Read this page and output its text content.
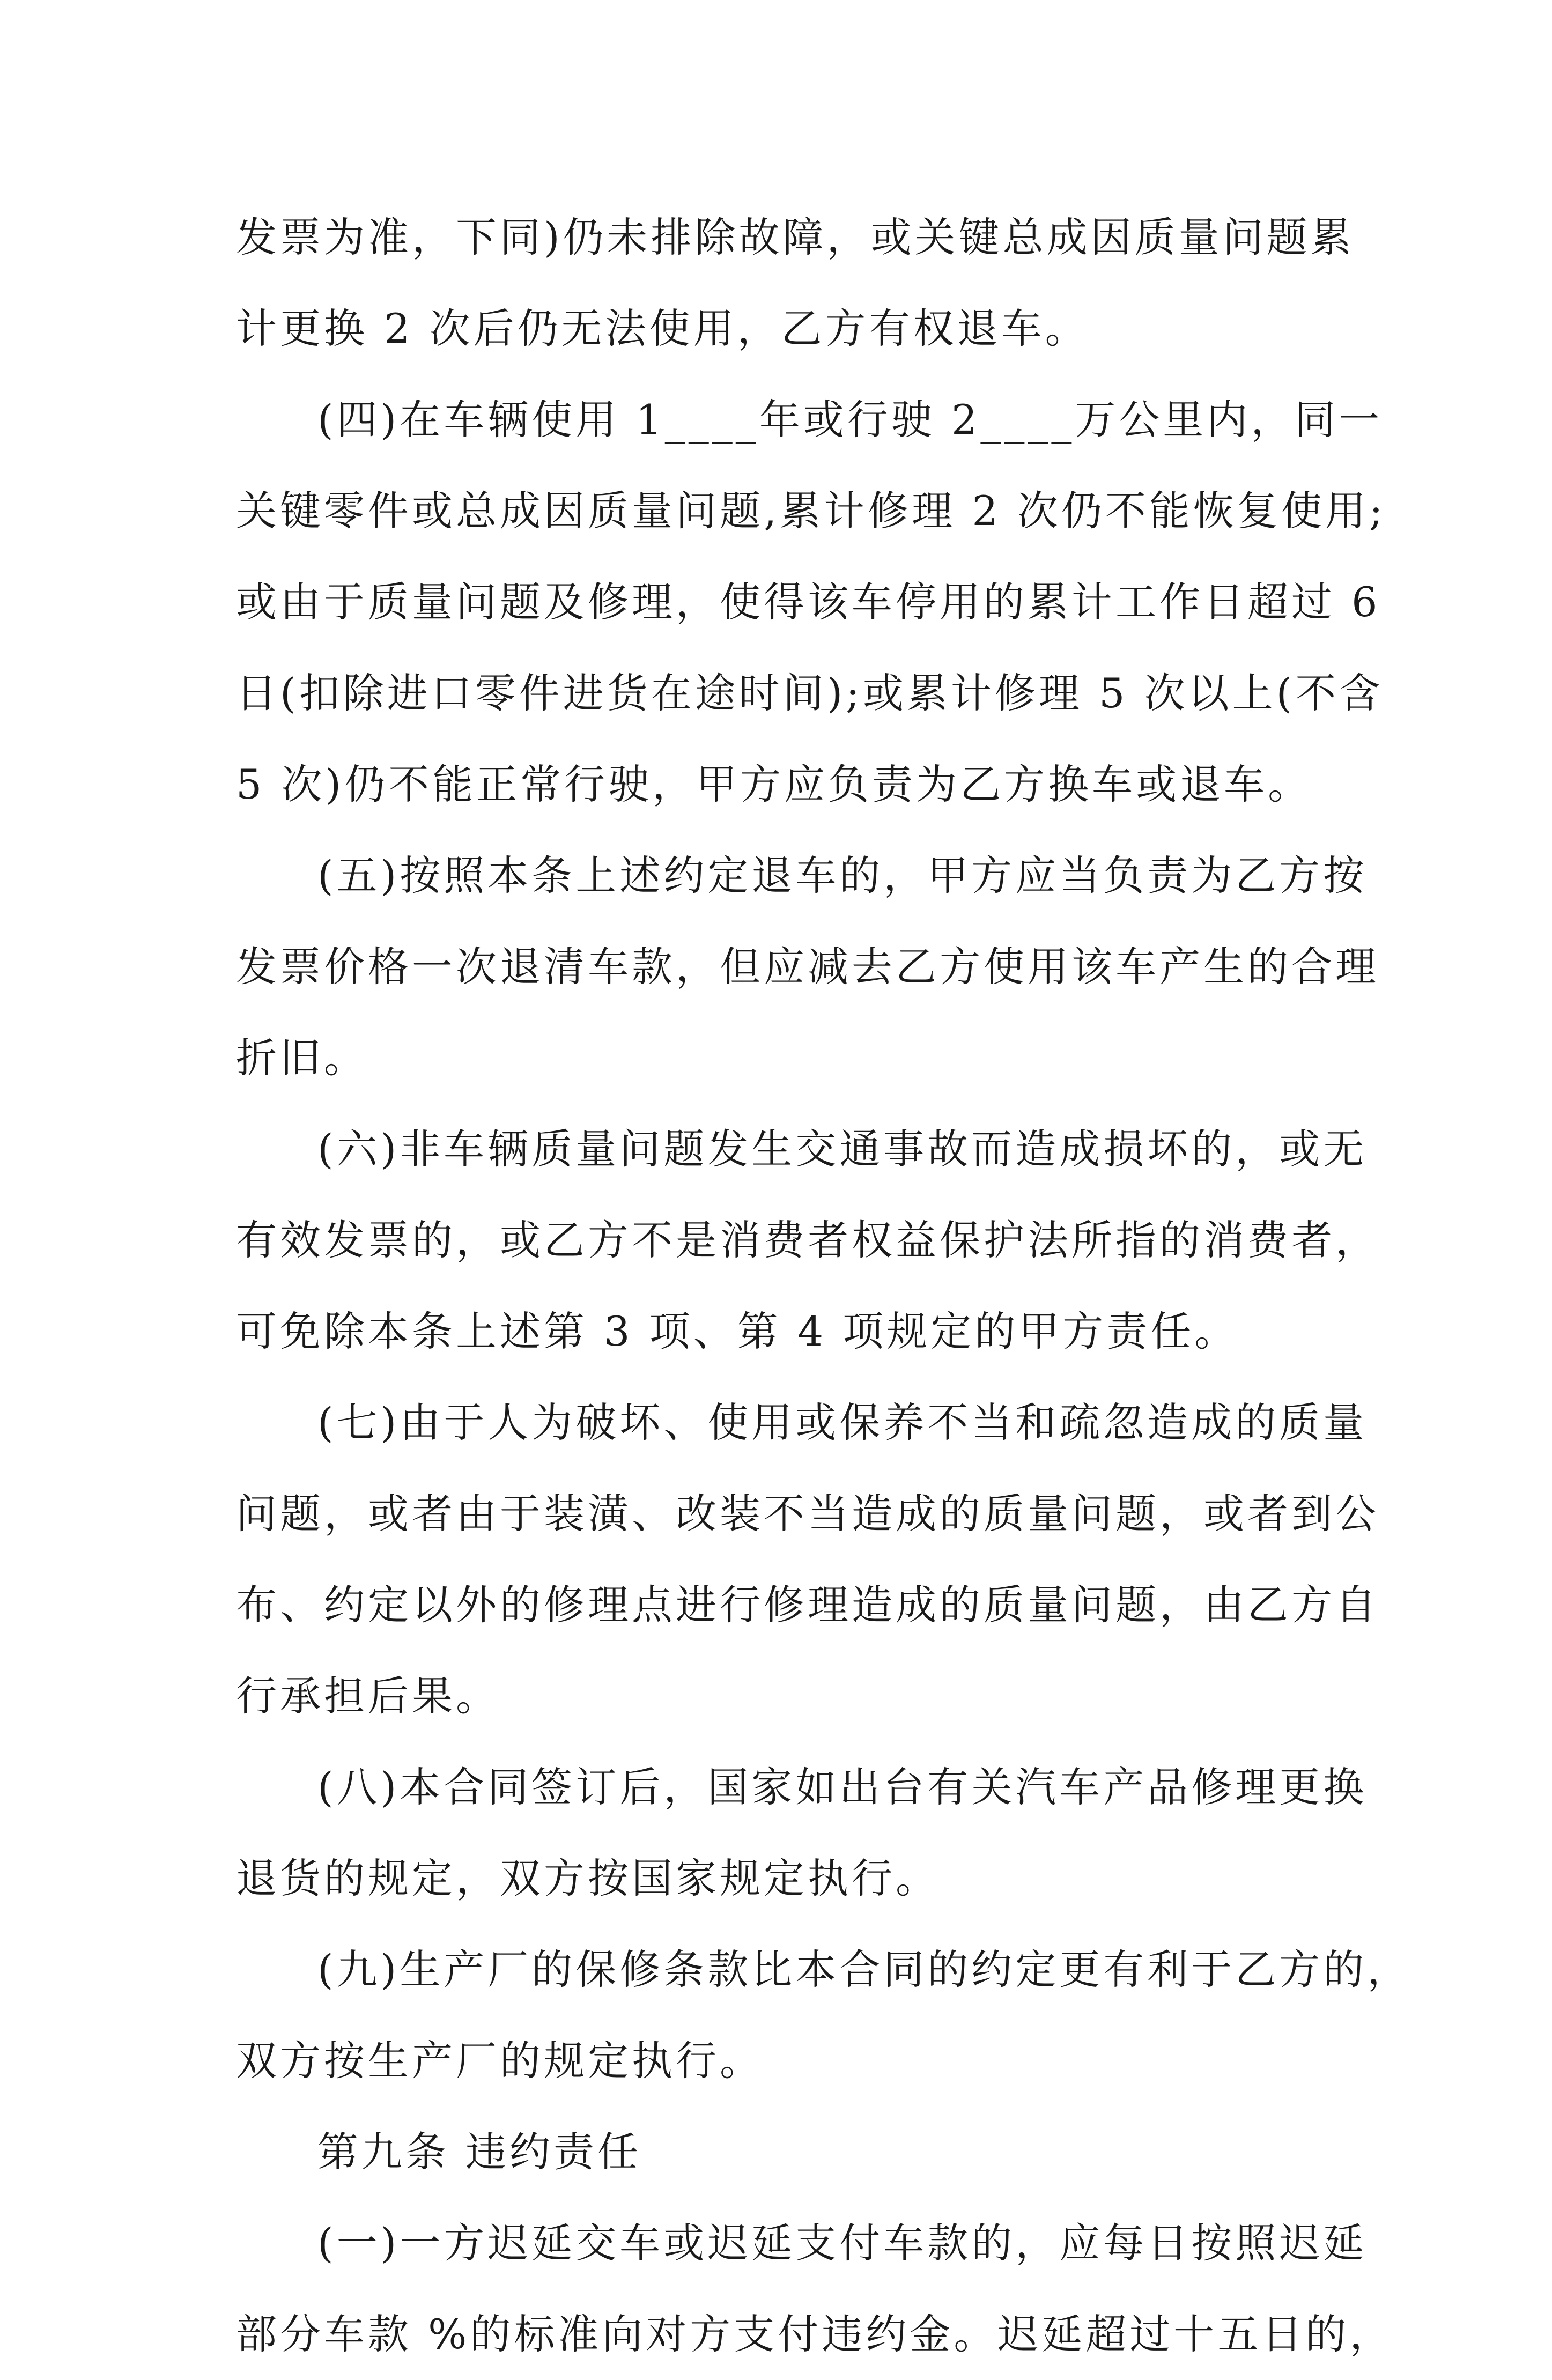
发票为准，下同)仍未排除故障，或关键总成因质量问题累
计更换 2 次后仍无法使用，乙方有权退车。
(四)在车辆使用 1____年或行驶 2____万公里内，同一
关键零件或总成因质量问题,累计修理 2 次仍不能恢复使用;
或由于质量问题及修理，使得该车停用的累计工作日超过 6
日(扣除进口零件进货在途时间);或累计修理 5 次以上(不含
5 次)仍不能正常行驶，甲方应负责为乙方换车或退车。
(五)按照本条上述约定退车的，甲方应当负责为乙方按
发票价格一次退清车款，但应减去乙方使用该车产生的合理
折旧。
(六)非车辆质量问题发生交通事故而造成损坏的，或无
有效发票的，或乙方不是消费者权益保护法所指的消费者，
可免除本条上述第 3 项、第 4 项规定的甲方责任。
(七)由于人为破坏、使用或保养不当和疏忽造成的质量
问题，或者由于装潢、改装不当造成的质量问题，或者到公
布、约定以外的修理点进行修理造成的质量问题，由乙方自
行承担后果。
(八)本合同签订后，国家如出台有关汽车产品修理更换
退货的规定，双方按国家规定执行。
(九)生产厂的保修条款比本合同的约定更有利于乙方的，
双方按生产厂的规定执行。
第九条 违约责任
(一)一方迟延交车或迟延支付车款的，应每日按照迟延
部分车款 %的标准向对方支付违约金。迟延超过十五日的，
